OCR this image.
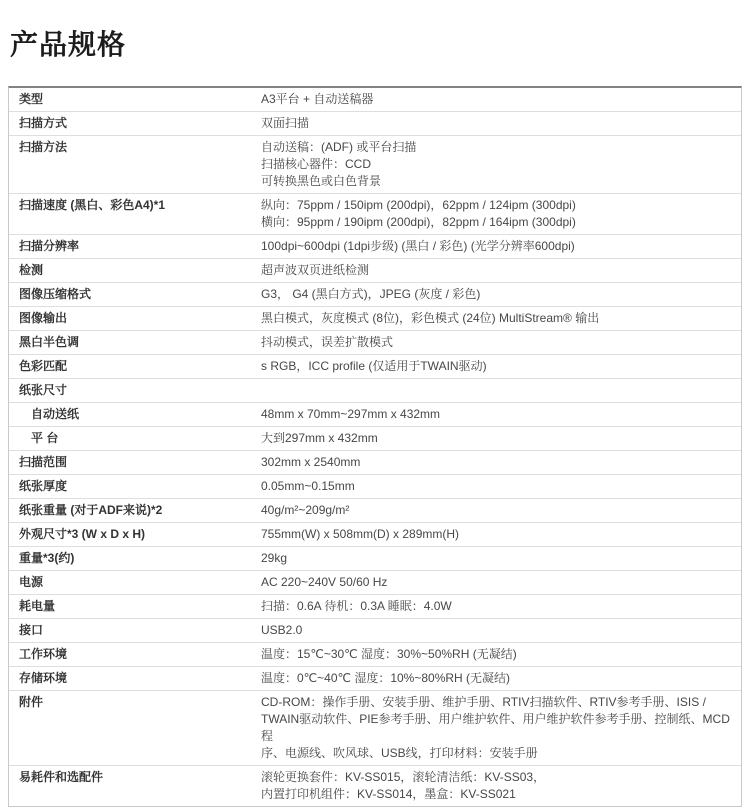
产品规格
类型	A3平台 + 自动送稿器
扫描方式	双面扫描
扫描方法	自动送稿：(ADF) 或平台扫描
扫描核心器件：CCD
可转换黑色或白色背景
扫描速度 (黑白、彩色A4)*1	纵向：75ppm / 150ipm (200dpi)，62ppm / 124ipm (300dpi)
横向：95ppm / 190ipm (200dpi)，82ppm / 164ipm (300dpi)
扫描分辨率	100dpi~600dpi (1dpi步级) (黑白 / 彩色) (光学分辨率600dpi)
检测	超声波双页进纸检测
图像压缩格式	G3， G4 (黑白方式)，JPEG (灰度 / 彩色)
图像输出	黑白模式，灰度模式 (8位)，彩色模式 (24位) MultiStream® 输出
黑白半色调	抖动模式，误差扩散模式
色彩匹配	s RGB，ICC profile (仅适用于TWAIN驱动)
纸张尺寸
自动送纸	48mm x 70mm~297mm x 432mm
平 台	大到297mm x 432mm
扫描范围	302mm x 2540mm
纸张厚度	0.05mm~0.15mm
纸张重量 (对于ADF来说)*2	40g/m²~209g/m²
外观尺寸*3 (W x D x H)	755mm(W) x 508mm(D) x 289mm(H)
重量*3(约)	29kg
电源	AC 220~240V 50/60 Hz
耗电量	扫描：0.6A 待机：0.3A 睡眠：4.0W
接口	USB2.0
工作环境	温度：15℃~30℃ 湿度：30%~50%RH (无凝结)
存储环境	温度：0℃~40℃ 湿度：10%~80%RH (无凝结)
附件	CD-ROM：操作手册、安装手册、维护手册、RTIV扫描软件、RTIV参考手册、ISIS /
TWAIN驱动软件、PIE参考手册、用户维护软件、用户维护软件参考手册、控制纸、MCD程
序、电源线、吹风球、USB线，打印材料：安装手册
易耗件和选配件	滚轮更换套件：KV-SS015，滚轮清洁纸：KV-SS03，
内置打印机组件：KV-SS014，墨盒：KV-SS021
